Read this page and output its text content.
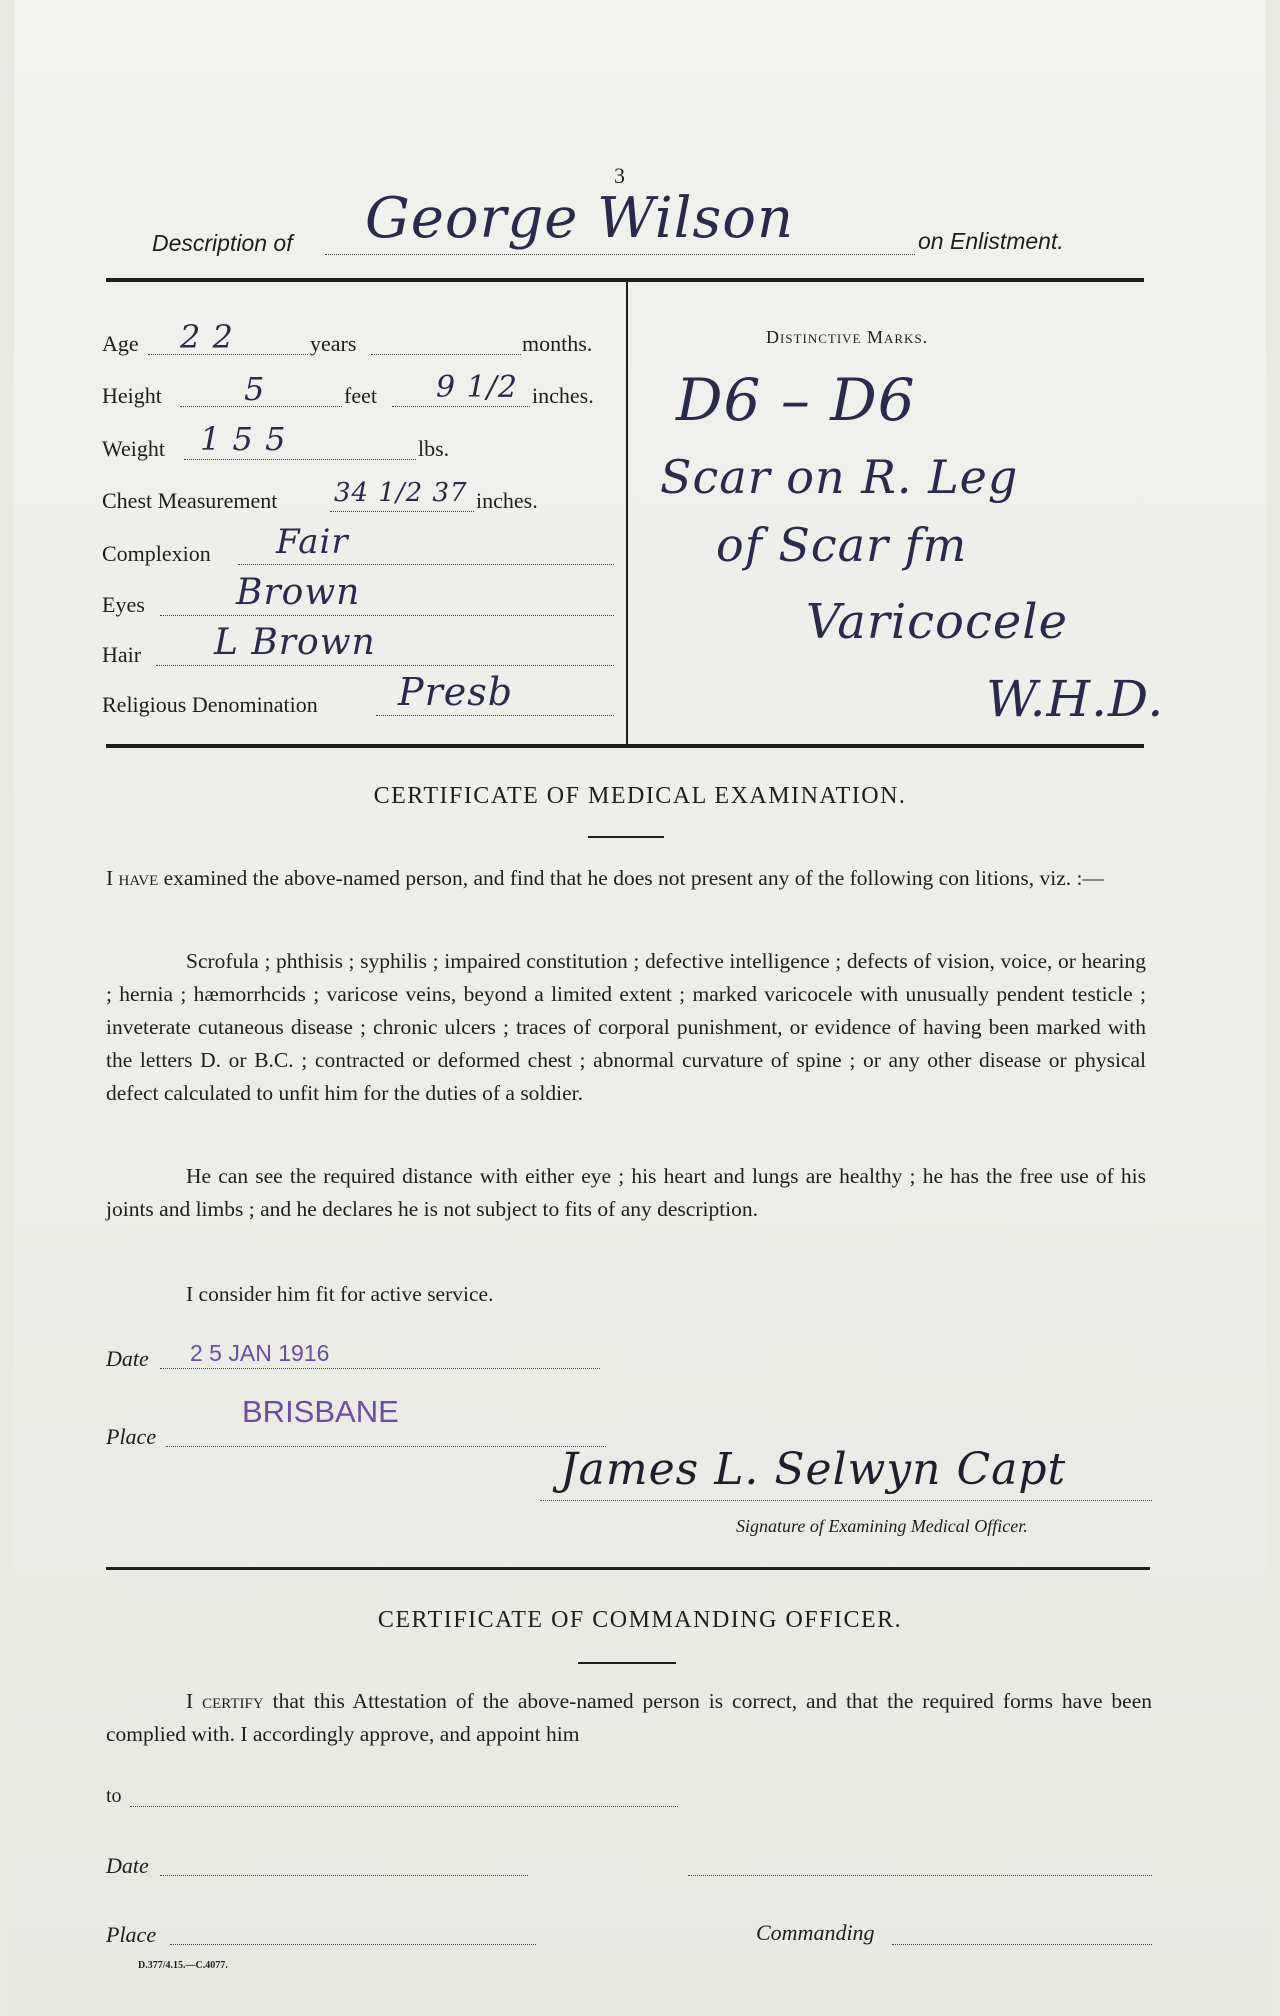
3
Description of George Wilson	on Enlistment.
Age 2 2	years	months.
Height	5	feet 9 1/2 inches.
Weight 1 5 5	lbs.
Chest Measurement 34 1/2 37 inches.
Complexion Fair
Eyes	Brown
Hair L Brown
Religious Denomination Presb
Distinctive Marks.
D6 – D6
Scar on R. Leg
of Scar fm
Varicocele
W.H.D.
CERTIFICATE OF MEDICAL EXAMINATION.
I have examined the above-named person, and find that he does not present any of the following con litions, viz. :—
Scrofula ; phthisis ; syphilis ; impaired constitution ; defective intelligence ; defects of vision, voice, or hearing ; hernia ; hæmorrhcids ; varicose veins, beyond a limited extent ; marked varicocele with unusually pendent testicle ; inveterate cutaneous disease ; chronic ulcers ; traces of corporal punishment, or evidence of having been marked with the letters D. or B.C. ; contracted or deformed chest ; abnormal curvature of spine ; or any other disease or physical defect calculated to unfit him for the duties of a soldier.
He can see the required distance with either eye ; his heart and lungs are healthy ; he has the free use of his joints and limbs ; and he declares he is not subject to fits of any description.
I consider him fit for active service.
Date 2 5 JAN 1916
Place
BRISBANE
James L. Selwyn Capt
Signature of Examining Medical Officer.
CERTIFICATE OF COMMANDING OFFICER.
I certify that this Attestation of the above-named person is correct, and that the required forms have been complied with. I accordingly approve, and appoint him
to
Date
Place	Commanding
D.377/4.15.—C.4077.
